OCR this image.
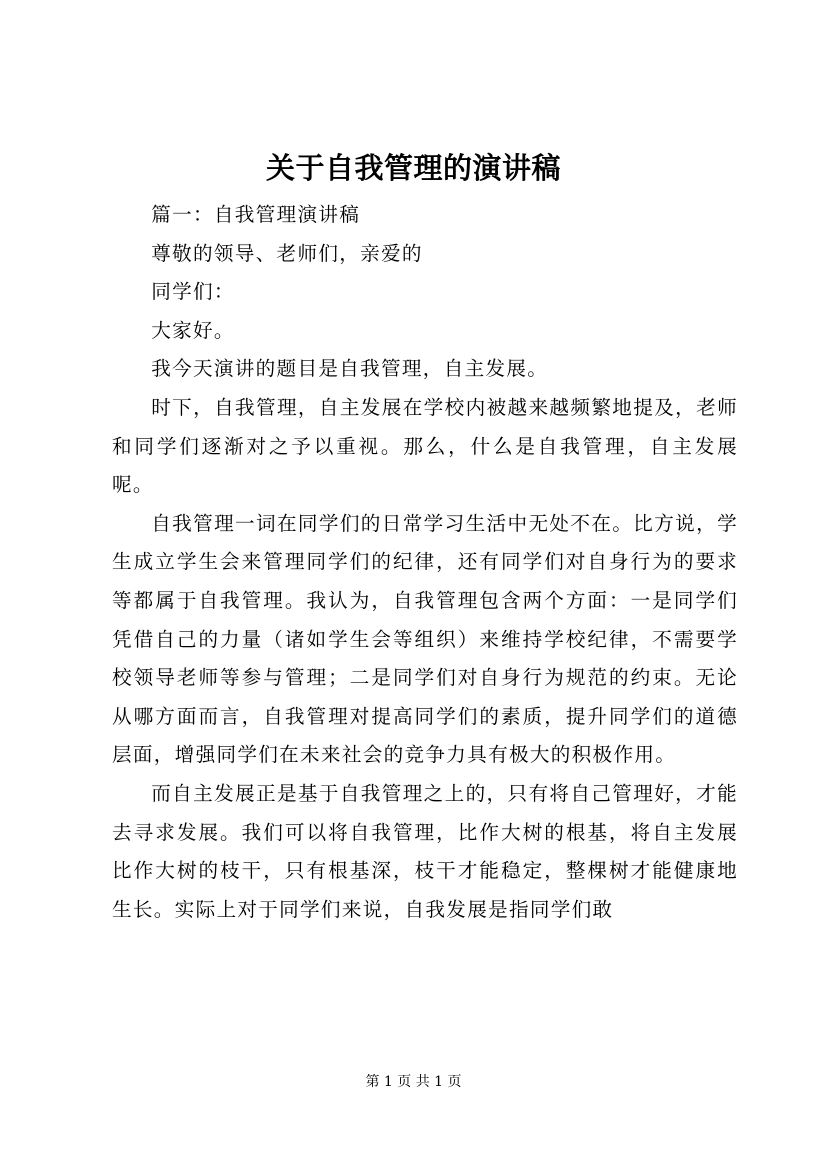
关于自我管理的演讲稿

篇一：自我管理演讲稿

尊敬的领导、老师们，亲爱的

同学们：

大家好。

我今天演讲的题目是自我管理，自主发展。

时下，自我管理，自主发展在学校内被越来越频繁地提及，老师和同学们逐渐对之予以重视。那么，什么是自我管理，自主发展呢。

自我管理一词在同学们的日常学习生活中无处不在。比方说，学生成立学生会来管理同学们的纪律，还有同学们对自身行为的要求等都属于自我管理。我认为，自我管理包含两个方面：一是同学们凭借自己的力量（诸如学生会等组织）来维持学校纪律，不需要学校领导老师等参与管理；二是同学们对自身行为规范的约束。无论从哪方面而言，自我管理对提高同学们的素质，提升同学们的道德层面，增强同学们在未来社会的竞争力具有极大的积极作用。

而自主发展正是基于自我管理之上的，只有将自己管理好，才能去寻求发展。我们可以将自我管理，比作大树的根基，将自主发展比作大树的枝干，只有根基深，枝干才能稳定，整棵树才能健康地生长。实际上对于同学们来说，自我发展是指同学们敢

第 1 页 共 1 页
